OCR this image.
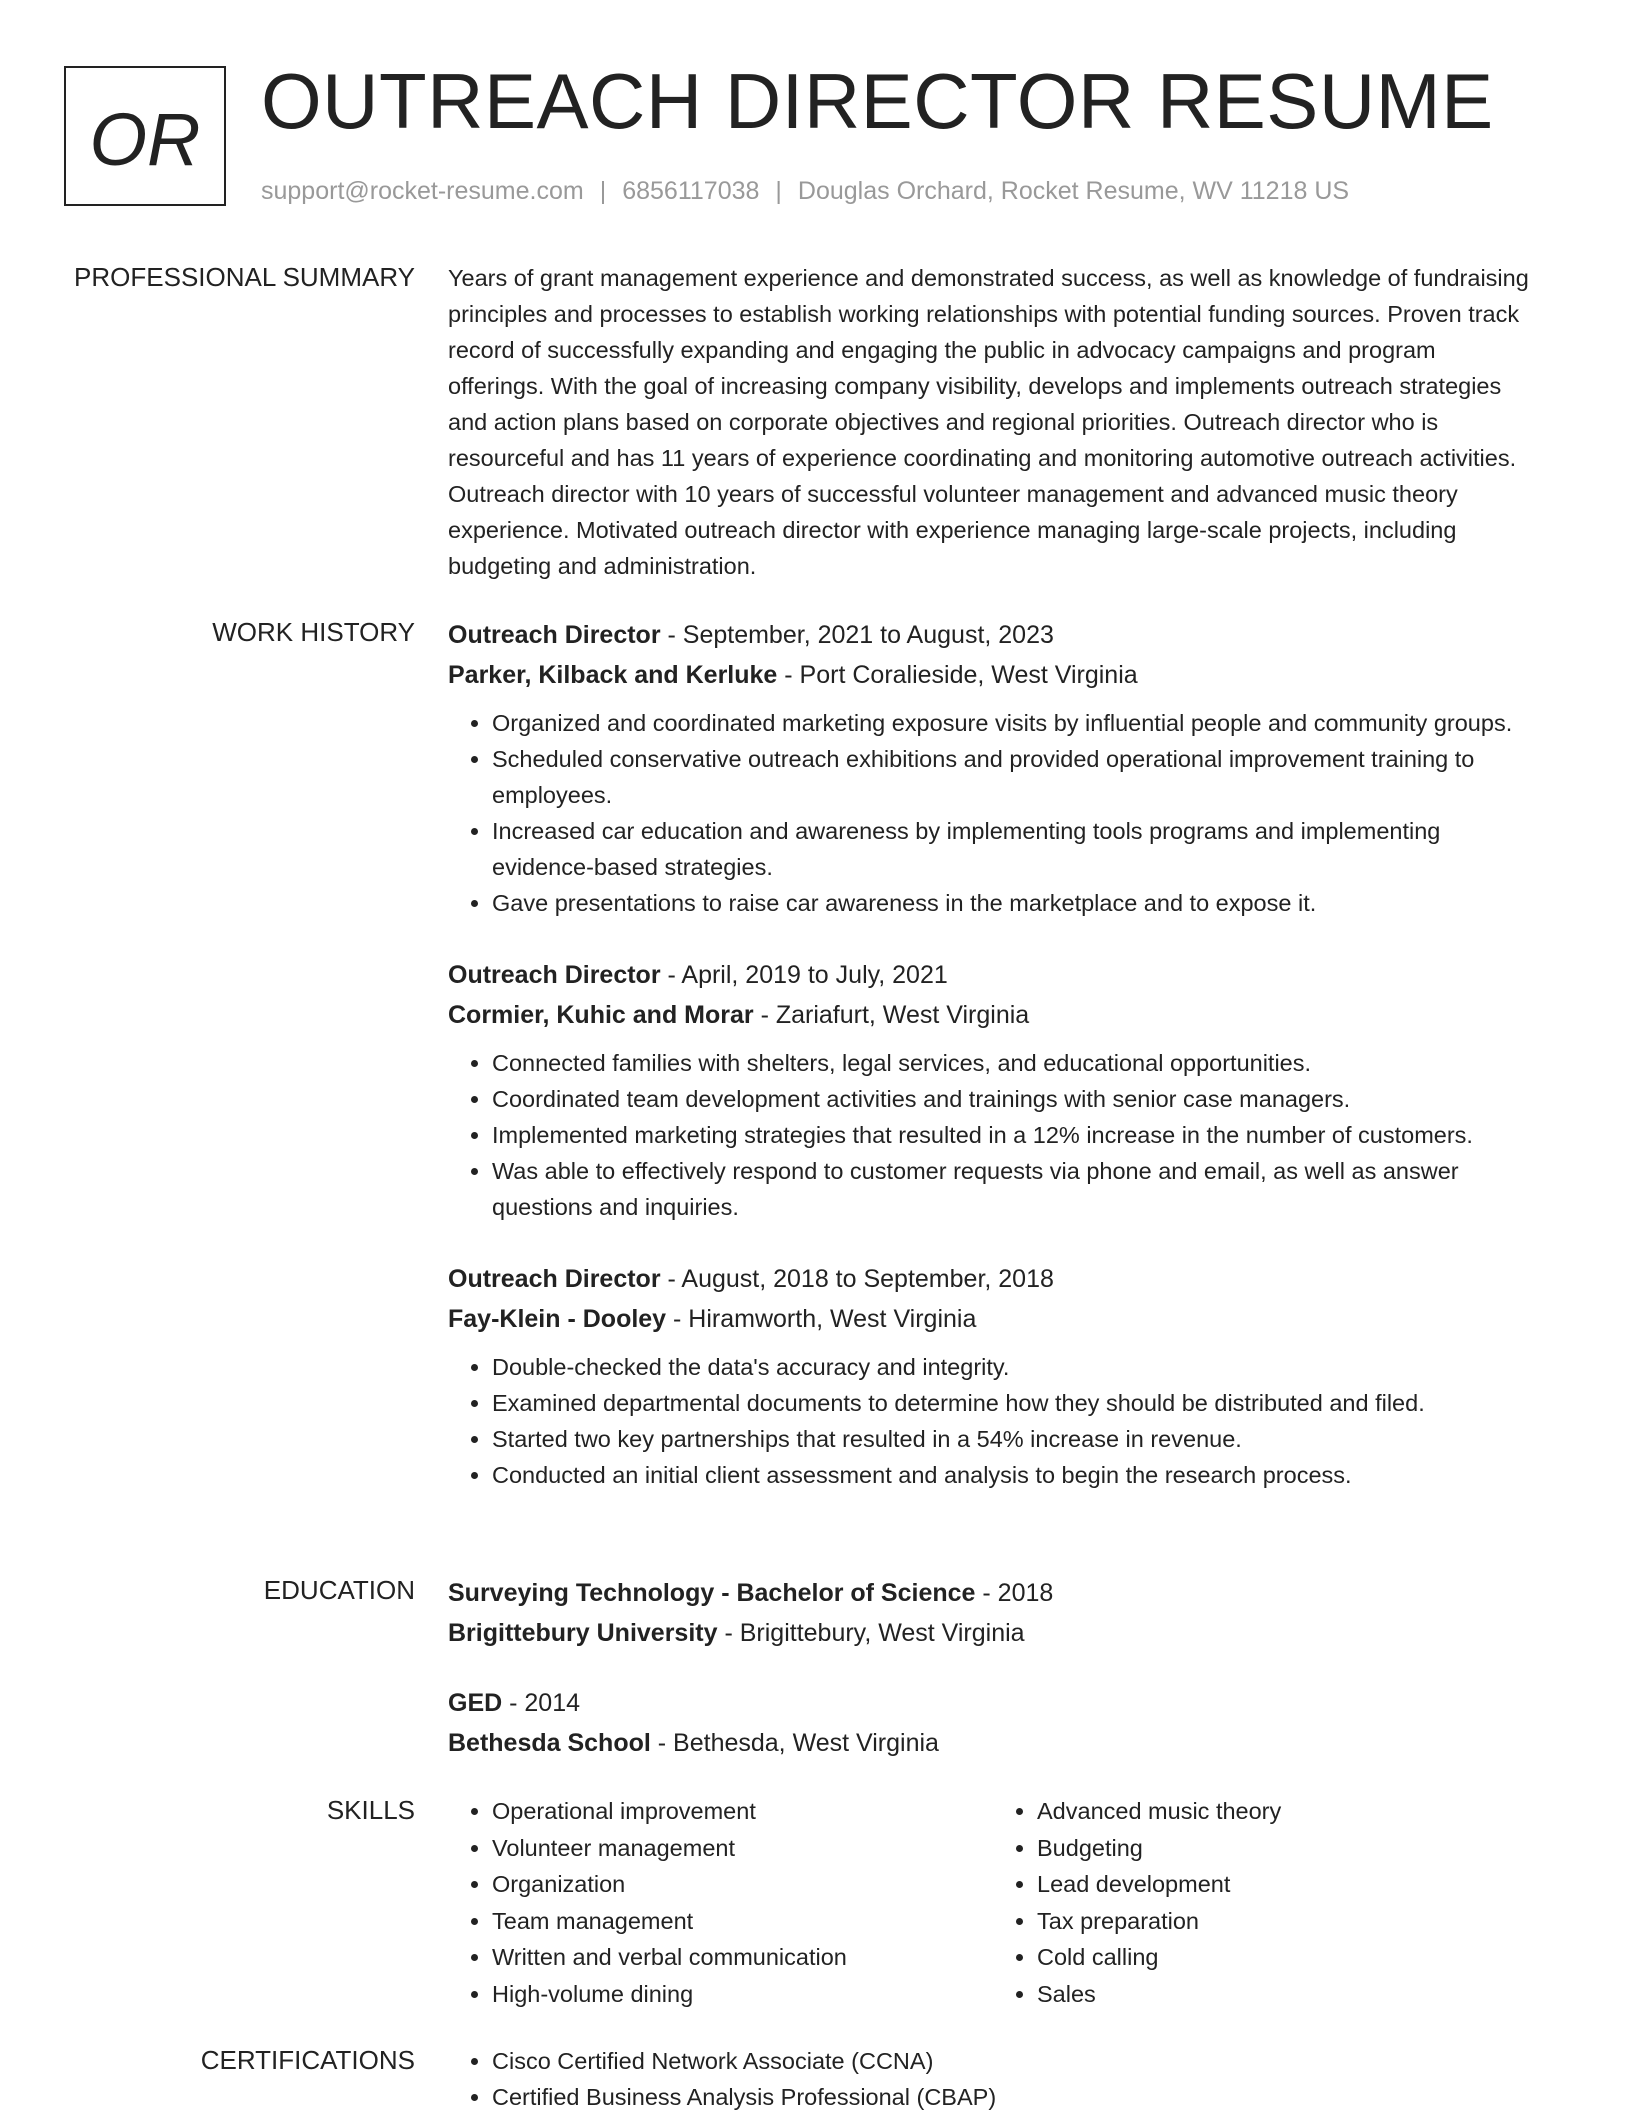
OR OUTREACH DIRECTOR RESUME
support@rocket-resume.com | 6856117038 | Douglas Orchard, Rocket Resume, WV 11218 US
PROFESSIONAL SUMMARY Years of grant management experience and demonstrated success, as well as knowledge of fundraising principles and processes to establish working relationships with potential funding sources. Proven track record of successfully expanding and engaging the public in advocacy campaigns and program offerings. With the goal of increasing company visibility, develops and implements outreach strategies and action plans based on corporate objectives and regional priorities. Outreach director who is resourceful and has 11 years of experience coordinating and monitoring automotive outreach activities. Outreach director with 10 years of successful volunteer management and advanced music theory experience. Motivated outreach director with experience managing large-scale projects, including budgeting and administration.

WORK HISTORY Outreach Director - September, 2021 to August, 2023

Parker, Kilback and Kerluke - Port Coralieside, West Virginia

• Organized and coordinated marketing exposure visits by influential people and community groups.
• Scheduled conservative outreach exhibitions and provided operational improvement training to employees.
• Increased car education and awareness by implementing tools programs and implementing evidence-based strategies.
• Gave presentations to raise car awareness in the marketplace and to expose it.

Outreach Director - April, 2019 to July, 2021

Cormier, Kuhic and Morar - Zariafurt, West Virginia

• Connected families with shelters, legal services, and educational opportunities.
• Coordinated team development activities and trainings with senior case managers.
• Implemented marketing strategies that resulted in a 12% increase in the number of customers.
• Was able to effectively respond to customer requests via phone and email, as well as answer questions and inquiries.

Outreach Director - August, 2018 to September, 2018

Fay-Klein - Dooley - Hiramworth, West Virginia

• Double-checked the data's accuracy and integrity.
• Examined departmental documents to determine how they should be distributed and filed.
• Started two key partnerships that resulted in a 54% increase in revenue.
• Conducted an initial client assessment and analysis to begin the research process.
EDUCATION Surveying Technology - Bachelor of Science - 2018

Brigittebury University - Brigittebury, West Virginia

GED - 2014

Bethesda School - Bethesda, West Virginia

SKILLS	• Operational improvement
• Volunteer management
• Organization
• Team management
• Written and verbal communication
• High-volume dining
• Advanced music theory
• Budgeting
• Lead development
• Tax preparation
• Cold calling
• Sales
CERTIFICATIONS	• Cisco Certified Network Associate (CCNA)
• Certified Business Analysis Professional (CBAP)
